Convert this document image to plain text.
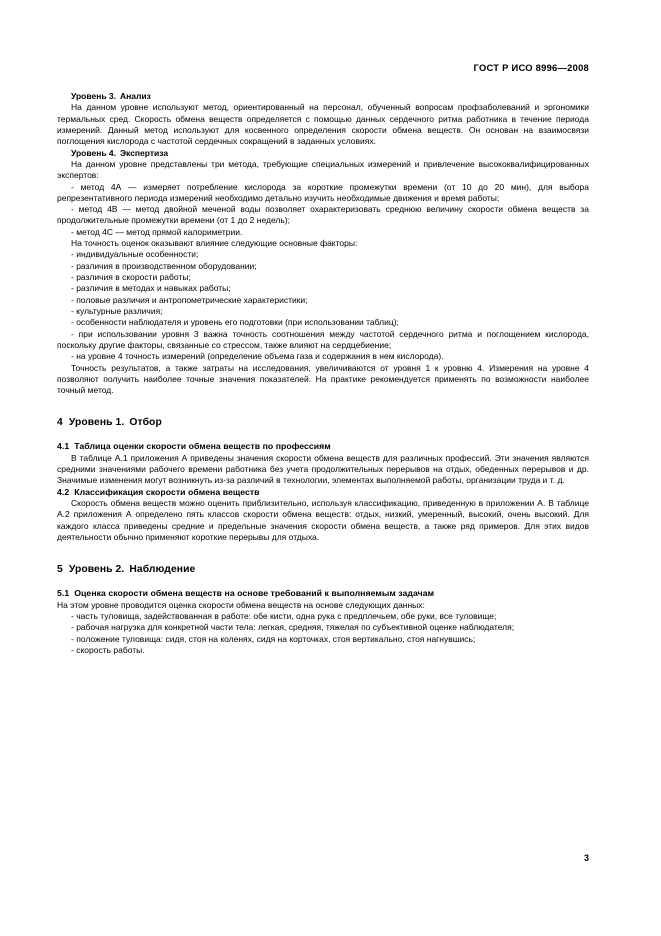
ГОСТ Р ИСО 8996—2008
Уровень 3. Анализ

На данном уровне используют метод, ориентированный на персонал, обученный вопросам профзаболеваний и эргономики термальных сред. Скорость обмена веществ определяется с помощью данных сердечного ритма работника в течение периода измерений. Данный метод используют для косвенного определения скорости обмена веществ. Он основан на взаимосвязи поглощения кислорода с частотой сердечных сокращений в заданных условиях.

Уровень 4. Экспертиза

На данном уровне представлены три метода, требующие специальных измерений и привлечение высококвалифицированных экспертов:

- метод 4А — измеряет потребление кислорода за короткие промежутки времени (от 10 до 20 мин), для выбора репрезентативного периода измерений необходимо детально изучить необходимые движения и время работы;

- метод 4В — метод двойной меченой воды позволяет охарактеризовать среднюю величину скорости обмена веществ за продолжительные промежутки времени (от 1 до 2 недель);

- метод 4С — метод прямой калориметрии.

На точность оценок оказывают влияние следующие основные факторы:

- индивидуальные особенности;

- различия в производственном оборудовании;

- различия в скорости работы;

- различия в методах и навыках работы;

- половые различия и антропометрические характеристики;

- культурные различия;

- особенности наблюдателя и уровень его подготовки (при использовании таблиц);

- при использовании уровня 3 важна точность соотношения между частотой сердечного ритма и поглощением кислорода, поскольку другие факторы, связанные со стрессом, также влияют на сердцебиение;

- на уровне 4 точность измерений (определение объема газа и содержания в нем кислорода).

Точность результатов, а также затраты на исследования, увеличиваются от уровня 1 к уровню 4. Измерения на уровне 4 позволяют получить наиболее точные значения показателей. На практике рекомендуется применять по возможности наиболее точный метод.

4 Уровень 1. Отбор
4.1 Таблица оценки скорости обмена веществ по профессиям

В таблице А.1 приложения А приведены значения скорости обмена веществ для различных профессий. Эти значения являются средними значениями рабочего времени работника без учета продолжительных перерывов на отдых, обеденных перерывов и др. Значимые изменения могут возникнуть из-за различий в технологии, элементах выполняемой работы, организации труда и т. д.

4.2 Классификация скорости обмена веществ

Скорость обмена веществ можно оценить приблизительно, используя классификацию, приведенную в приложении А. В таблице А.2 приложения А определено пять классов скорости обмена веществ: отдых, низкий, умеренный, высокий, очень высокий. Для каждого класса приведены средние и предельные значения скорости обмена веществ, а также ряд примеров. Для этих видов деятельности обычно применяют короткие перерывы для отдыха.

5 Уровень 2. Наблюдение
5.1 Оценка скорости обмена веществ на основе требований к выполняемым задачам

На этом уровне проводится оценка скорости обмена веществ на основе следующих данных:

- часть туловища, задействованная в работе: обе кисти, одна рука с предплечьем, обе руки, все туловище;

- рабочая нагрузка для конкретной части тела: легкая, средняя, тяжелая по субъективной оценке наблюдателя;

- положение туловища: сидя, стоя на коленях, сидя на корточках, стоя вертикально, стоя нагнувшись;

- скорость работы.

3
